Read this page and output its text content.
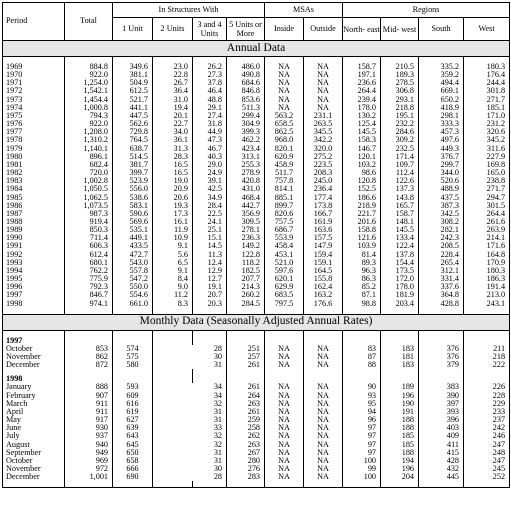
Period	Total	In Structures With				MSAs		Regions			
		1 Unit	2 Units	3 and 4 Units	5 Units or More	Inside	Outside	North- east	Mid- west	South	West
Annual Data											

1969	884.8	349.6	23.0	26.2	486.0	NA	NA	158.7	210.5	335.2	180.3
1970	922.0	381.1	22.8	27.3	490.8	NA	NA	197.1	189.3	359.2	176.4
1971	1,254.0	504.9	26.7	37.8	684.6	NA	NA	236.6	278.5	494.4	244.4
1972	1,542.1	612.5	36.4	46.4	846.8	NA	NA	264.4	306.8	669.1	301.8
1973	1,454.4	521.7	31.0	48.8	853.6	NA	NA	239.4	293.1	650.2	271.7
1974	1,000.8	441.1	19.4	29.1	511.3	NA	NA	178.0	218.8	418.9	185.1
1975	794.3	447.5	20.1	27.4	299.4	563.2	231.1	130.2	195.1	298.1	171.0
1976	922.0	562.6	22.7	31.8	304.9	658.5	263.5	125.4	232.2	333.3	231.2
1977	1,208.0	729.8	34.0	44.9	399.3	862.5	345.5	145.5	284.6	457.3	320.6
1978	1,310.2	764.5	36.1	47.3	462.2	968.0	342.2	158.3	309.2	497.6	345.2
1979	1,140.1	638.7	31.3	46.7	423.4	820.1	320.0	146.7	232.5	449.3	311.6
1980	896.1	514.5	28.3	40.3	313.1	620.9	275.2	120.1	171.4	376.7	227.9
1981	682.4	381.7	16.5	29.0	255.3	458.9	223.5	103.2	109.7	299.7	169.8
1982	720.0	399.7	16.5	24.9	278.9	511.7	208.3	98.6	112.4	344.0	165.0
1983	1,002.8	523.9	19.0	39.1	420.8	757.8	245.0	120.8	122.6	520.6	238.8
1984	1,050.5	556.0	20.9	42.5	431.0	814.1	236.4	152.5	137.3	488.9	271.7
1985	1,062.5	538.6	20.6	34.9	468.4	885.1	177.4	186.6	143.8	437.5	294.7
1986	1,073.5	583.1	19.3	28.4	442.7	899.7	173.8	218.9	165.7	387.3	301.5
1987	987.3	590.6	17.3	22.5	356.9	820.6	166.7	221.7	158.7	342.5	264.4
1988	919.4	569.6	16.1	24.1	309.5	757.5	161.9	201.6	148.1	308.2	261.6
1989	850.3	535.1	11.9	25.1	278.1	686.7	163.6	158.8	145.5	282.1	263.9
1990	711.4	449.1	10.9	15.1	236.3	553.9	157.5	121.6	133.4	242.3	214.1
1991	606.3	433.5	9.1	14.5	149.2	458.4	147.9	103.9	122.4	208.5	171.6
1992	612.4	472.7	5.6	11.3	122.8	453.1	159.4	81.4	137.8	228.4	164.8
1993	680.1	543.0	6.5	12.4	118.2	521.0	159.1	89.3	154.4	265.4	170.9
1994	762.2	557.8	9.1	12.9	182.5	597.6	164.5	96.3	173.5	312.1	180.3
1995	775.9	547.2	8.4	12.7	207.7	620.1	155.8	86.3	172.0	331.4	186.3
1996	792.3	550.0	9.0	19.1	214.3	629.9	162.4	85.2	178.0	337.6	191.4
1997	846.7	554.6	11.2	20.7	260.2	683.5	163.2	87.1	181.9	364.8	213.0
1998	974.1	661.0	8.3	20.3	284.5	797.5	176.6	98.8	203.4	428.8	243.1

Monthly Data (Seasonally Adjusted Annual Rates)											

1997											
October	853	574	28		251	NA	NA	83	183	376	211
November	862	575	30		257	NA	NA	87	181	376	218
December	872	580	31		261	NA	NA	88	183	379	222

1998											
January	888	593	34		261	NA	NA	90	189	383	226
February	907	609	34		264	NA	NA	93	196	390	228
March	911	616	32		263	NA	NA	95	190	397	229
April	911	619	31		261	NA	NA	94	191	393	233
May	917	627	31		259	NA	NA	96	188	396	237
June	930	639	33		258	NA	NA	97	188	403	242
July	937	643	32		262	NA	NA	97	185	409	246
August	940	645	32		263	NA	NA	97	185	411	247
September	949	650	31		267	NA	NA	97	188	415	248
October	969	658	31		280	NA	NA	100	194	428	247
November	972	666	30		276	NA	NA	99	196	432	245
December	1,001	690	28		283	NA	NA	100	204	445	252
